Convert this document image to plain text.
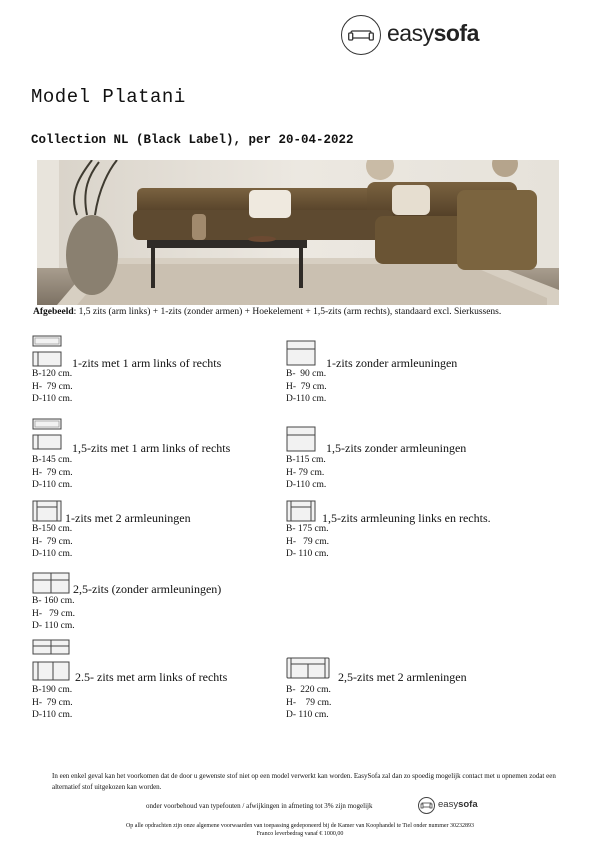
easysofa
Model Platani
Collection NL (Black Label), per 20-04-2022
Afgebeeld: 1,5 zits (arm links) + 1-zits (zonder armen) + Hoekelement + 1,5-zits (arm rechts), standaard excl. Sierkussens.
1-zits met 1 arm links of rechts
B-120 cm.
H-  79 cm.
D-110 cm.
1-zits zonder armleuningen
B-  90 cm.
H-  79 cm.
D-110 cm.
1,5-zits met 1 arm links of rechts
B-145 cm.
H-  79 cm.
D-110 cm.
1,5-zits zonder armleuningen
B-115 cm.
H- 79 cm.
D-110 cm.
1-zits met 2 armleuningen
B-150 cm.
H-  79 cm.
D-110 cm.
1,5-zits armleuning links en rechts.
B- 175 cm.
H-   79 cm.
D- 110 cm.
2,5-zits (zonder armleuningen)
B- 160 cm.
H-   79 cm.
D- 110 cm.
2.5- zits met arm links of rechts
B-190 cm.
H-  79 cm.
D-110 cm.
2,5-zits met 2 armleningen
B-  220 cm.
H-    79 cm.
D- 110 cm.
In een enkel geval kan het voorkomen dat de door u gewenste stof niet op een model verwerkt kan worden. EasySofa zal dan zo spoedig mogelijk contact met u opnemen zodat een alternatief stof uitgekozen kan worden.
onder voorbehoud van typefouten / afwijkingen in afmeting tot 3% zijn mogelijk	easysofa
Op alle opdrachten zijn onze algemene voorwaarden van toepassing gedeponeerd bij de Kamer van Koophandel te Tiel onder nummer 30232893
Franco leverbedrag vanaf € 1000,00
